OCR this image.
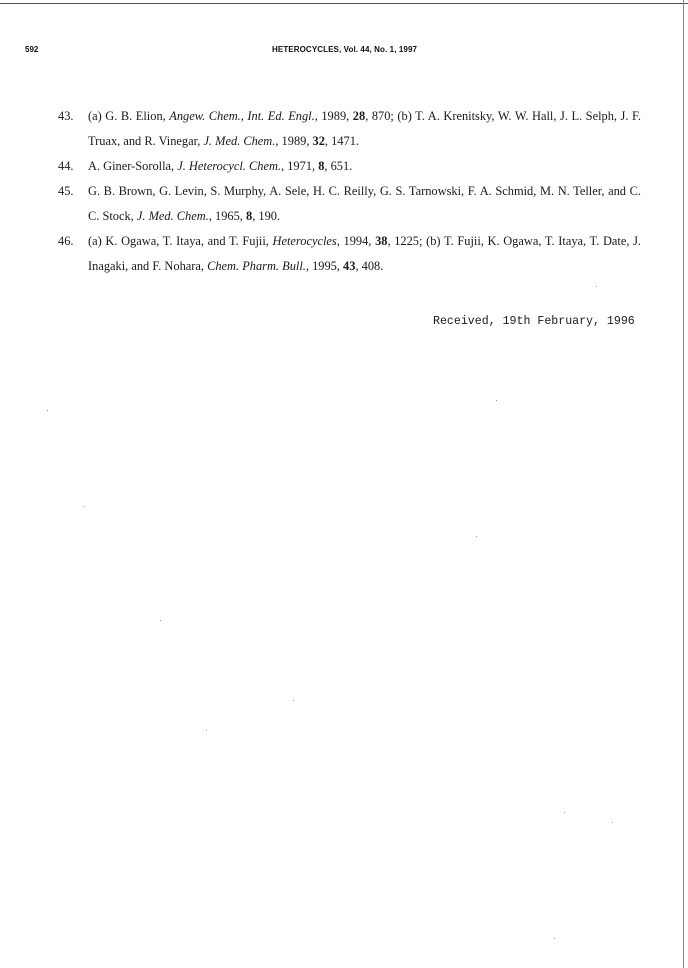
592	HETEROCYCLES, Vol. 44, No. 1, 1997
43. (a) G. B. Elion, Angew. Chem., Int. Ed. Engl., 1989, 28, 870; (b) T. A. Krenitsky, W. W. Hall, J. L. Selph, J. F. Truax, and R. Vinegar, J. Med. Chem., 1989, 32, 1471.
44. A. Giner-Sorolla, J. Heterocycl. Chem., 1971, 8, 651.
45. G. B. Brown, G. Levin, S. Murphy, A. Sele, H. C. Reilly, G. S. Tarnowski, F. A. Schmid, M. N. Teller, and C. C. Stock, J. Med. Chem., 1965, 8, 190.
46. (a) K. Ogawa, T. Itaya, and T. Fujii, Heterocycles, 1994, 38, 1225; (b) T. Fujii, K. Ogawa, T. Itaya, T. Date, J. Inagaki, and F. Nohara, Chem. Pharm. Bull., 1995, 43, 408.
Received, 19th February, 1996
